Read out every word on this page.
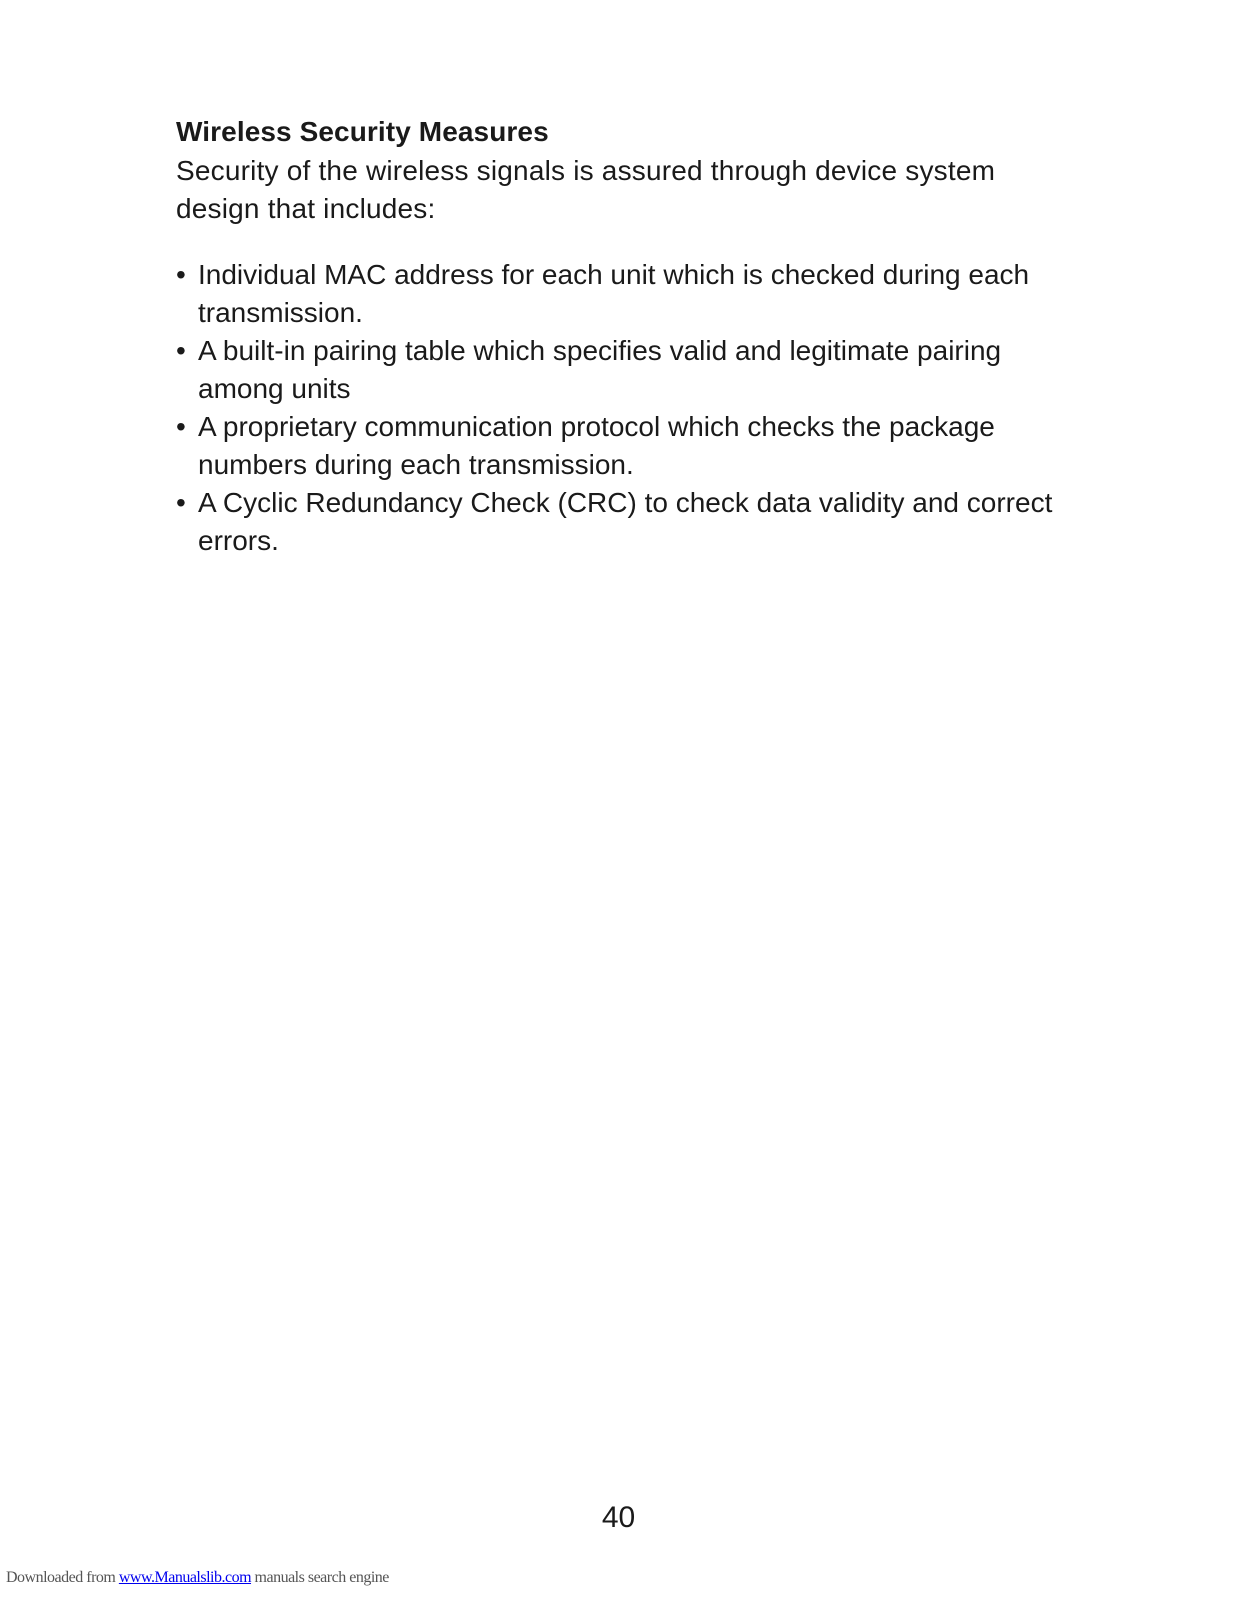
Wireless Security Measures

Security of the wireless signals is assured through device system design that includes:

• Individual MAC address for each unit which is checked during each transmission.
• A built-in pairing table which specifies valid and legitimate pairing among units
• A proprietary communication protocol which checks the package numbers during each transmission.
• A Cyclic Redundancy Check (CRC) to check data validity and correct errors.
40
Downloaded from www.Manualslib.com manuals search engine
